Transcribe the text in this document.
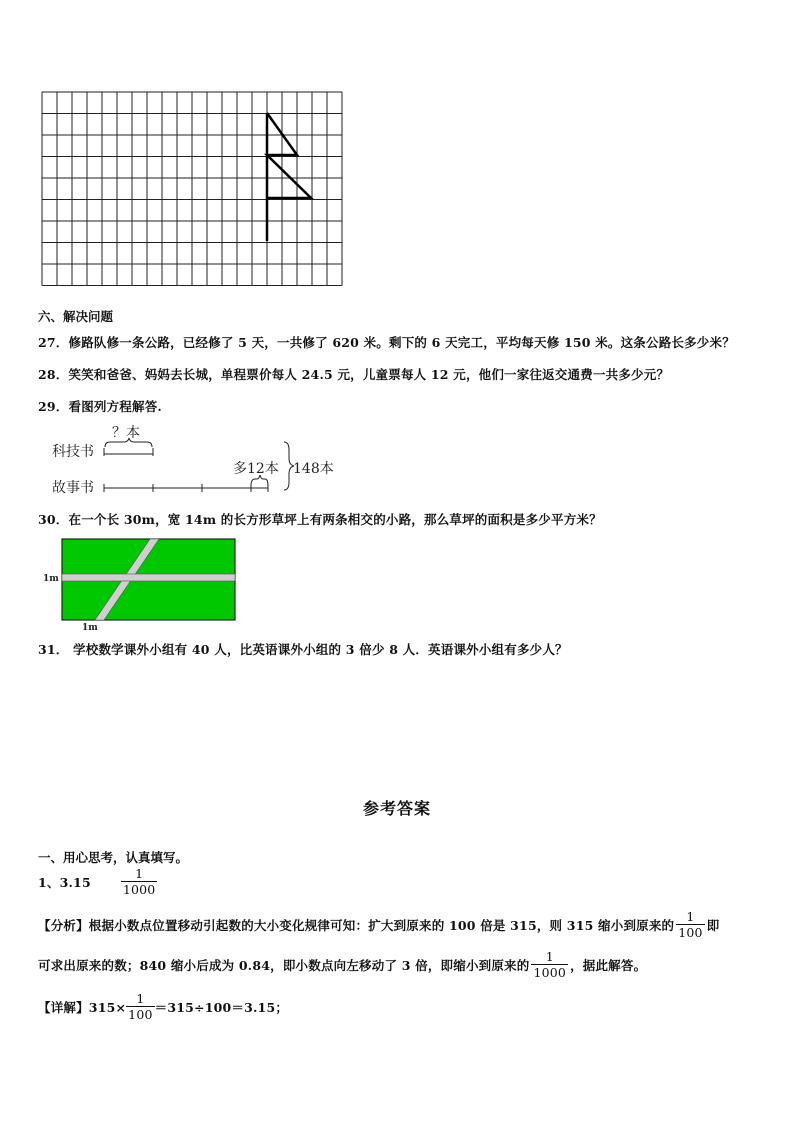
六、解决问题
27．修路队修一条公路，已经修了 5 天，一共修了 620 米。剩下的 6 天完工，平均每天修 150 米。这条公路长多少米？
28．笑笑和爸爸、妈妈去长城，单程票价每人 24.5 元，儿童票每人 12 元，他们一家往返交通费一共多少元？
29．看图列方程解答.
科技书
故事书
？本
多12本 148本
30．在一个长 30m，宽 14m 的长方形草坪上有两条相交的小路，那么草坪的面积是多少平方米？
1m
1m
31． 学校数学课外小组有 40 人，比英语课外小组的 3 倍少 8 人．英语课外小组有多少人？
参考答案
一、用心思考，认真填写。
1、$3.15 \frac{1}{1000}$
【分析】根据小数点位置移动引起数的大小变化规律可知：扩大到原来的 100 倍是 315，则 315 缩小到原来的 $\frac{1}{100}$ 即
可求出原来的数；840 缩小后成为 0.84，即小数点向左移动了 3 倍，即缩小到原来的 $\frac{1}{1000}$ ，据此解答。
【详解】$315\times \frac{1}{100} =315\div 100=3.15$；
